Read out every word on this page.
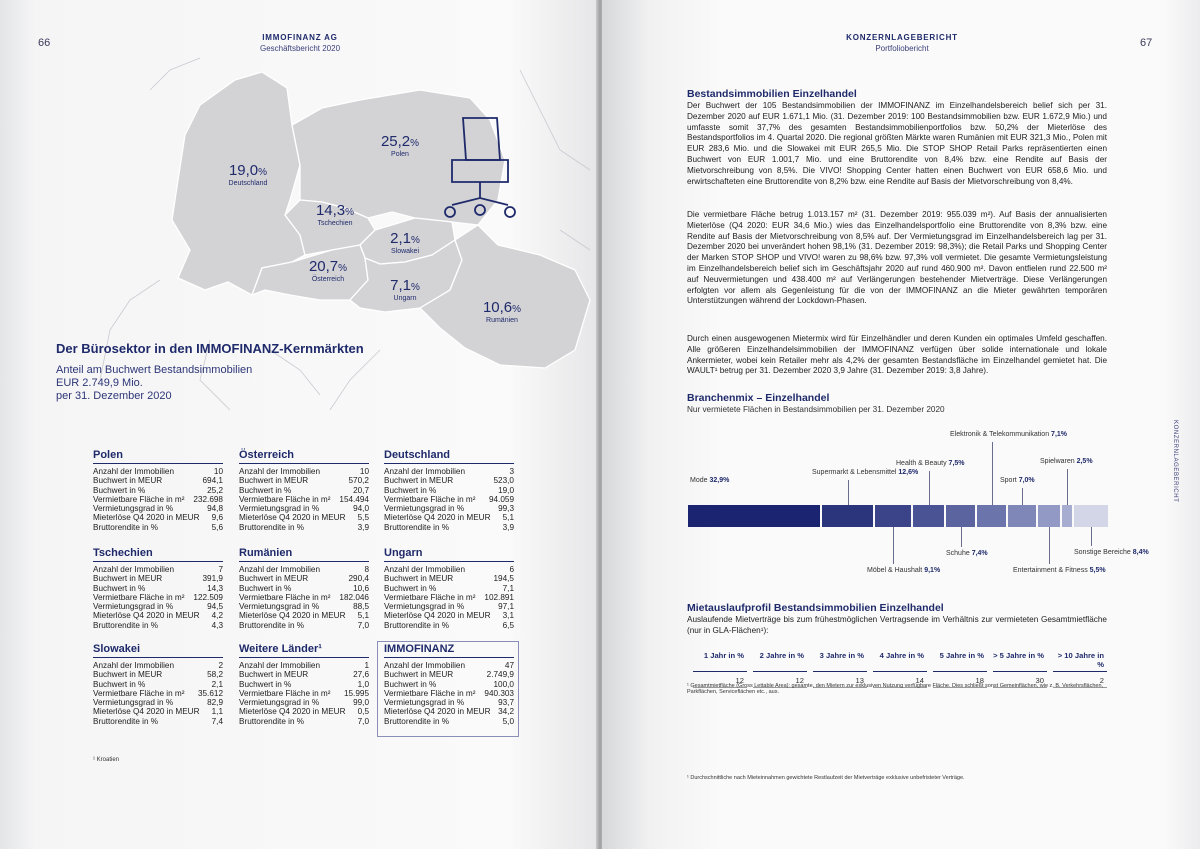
66	IMMOFINANZ AG
Geschäftsbericht 2020
25,2%
Polen
19,0%
Deutschland
14,3%
Tschechien
2,1%
Slowakei
20,7%
Österreich	7,1%
Ungarn
10,6%
Rumänien
Der Bürosektor in den IMMOFINANZ-Kernmärkten
Anteil am Buchwert Bestandsimmobilien
EUR 2.749,9 Mio.
per 31. Dezember 2020
Polen
Anzahl der Immobilien	10
Buchwert in MEUR	694,1
Buchwert in %	25,2
Vermietbare Fläche in m² 232.698
Vermietungsgrad in %	94,8
Mieterlöse Q4 2020 in MEUR 9,6
Bruttorendite in %	5,6
Österreich
Anzahl der Immobilien	10
Buchwert in MEUR	570,2
Buchwert in %	20,7
Vermietbare Fläche in m² 154.494
Vermietungsgrad in %	94,0
Mieterlöse Q4 2020 in MEUR 5,5
Bruttorendite in %	3,9
Deutschland
Anzahl der Immobilien	3
Buchwert in MEUR	523,0
Buchwert in %	19,0
Vermietbare Fläche in m² 94.059
Vermietungsgrad in %	99,3
Mieterlöse Q4 2020 in MEUR 5,1
Bruttorendite in %	3,9
Tschechien
Anzahl der Immobilien	7
Buchwert in MEUR	391,9
Buchwert in %	14,3
Vermietbare Fläche in m² 122.509
Vermietungsgrad in %	94,5
Mieterlöse Q4 2020 in MEUR 4,2
Bruttorendite in %	4,3
Rumänien
Anzahl der Immobilien	8
Buchwert in MEUR	290,4
Buchwert in %	10,6
Vermietbare Fläche in m² 182.046
Vermietungsgrad in %	88,5
Mieterlöse Q4 2020 in MEUR 5,1
Bruttorendite in %	7,0
Ungarn
Anzahl der Immobilien	6
Buchwert in MEUR	194,5
Buchwert in %	7,1
Vermietbare Fläche in m² 102.891
Vermietungsgrad in %	97,1
Mieterlöse Q4 2020 in MEUR 3,1
Bruttorendite in %	6,5
Slowakei
Anzahl der Immobilien	2
Buchwert in MEUR	58,2
Buchwert in %	2,1
Vermietbare Fläche in m² 35.612
Vermietungsgrad in %	82,9
Mieterlöse Q4 2020 in MEUR 1,1
Bruttorendite in %	7,4
Weitere Länder¹
Anzahl der Immobilien	1
Buchwert in MEUR	27,6
Buchwert in %	1,0
Vermietbare Fläche in m² 15.995
Vermietungsgrad in %	99,0
Mieterlöse Q4 2020 in MEUR 0,5
Bruttorendite in %	7,0
IMMOFINANZ
Anzahl der Immobilien	47
Buchwert in MEUR	2.749,9
Buchwert in %	100,0
Vermietbare Fläche in m² 940.303
Vermietungsgrad in %	93,7
Mieterlöse Q4 2020 in MEUR 34,2
Bruttorendite in %	5,0
¹ Kroatien
KONZERNLAGEBERICHT
Portfoliobericht	67
KONZERNLAGEBERICHT
Bestandsimmobilien Einzelhandel
Der Buchwert der 105 Bestandsimmobilien der IMMOFINANZ im Einzelhandelsbereich belief sich per 31. Dezember 2020 auf EUR 1.671,1 Mio. (31. Dezember 2019: 100 Bestandsimmobilien bzw. EUR 1.672,9 Mio.) und umfasste somit 37,7% des gesamten Bestandsimmobilienportfolios bzw. 50,2% der Mieterlöse des Bestandsportfolios im 4. Quartal 2020. Die regional größten Märkte waren Rumänien mit EUR 321,3 Mio., Polen mit EUR 283,6 Mio. und die Slowakei mit EUR 265,5 Mio. Die STOP SHOP Retail Parks repräsentierten einen Buchwert von EUR 1.001,7 Mio. und eine Bruttorendite von 8,4% bzw. eine Rendite auf Basis der Mietvorschreibung von 8,5%. Die VIVO! Shopping Center hatten einen Buchwert von EUR 658,6 Mio. und erwirtschafteten eine Bruttorendite von 8,2% bzw. eine Rendite auf Basis der Mietvorschreibung von 8,4%.
Die vermietbare Fläche betrug 1.013.157 m² (31. Dezember 2019: 955.039 m²). Auf Basis der annualisierten Mieterlöse (Q4 2020: EUR 34,6 Mio.) wies das Einzelhandelsportfolio eine Bruttorendite von 8,3% bzw. eine Rendite auf Basis der Mietvorschreibung von 8,5% auf. Der Vermietungsgrad im Einzelhandelsbereich lag per 31. Dezember 2020 bei unverändert hohen 98,1% (31. Dezember 2019: 98,3%); die Retail Parks und Shopping Center der Marken STOP SHOP und VIVO! waren zu 98,6% bzw. 97,3% voll vermietet. Die gesamte Vermietungsleistung im Einzelhandelsbereich belief sich im Geschäftsjahr 2020 auf rund 460.900 m². Davon entfielen rund 22.500 m² auf Neuvermietungen und 438.400 m² auf Verlängerungen bestehender Mietverträge. Diese Verlängerungen erfolgten vor allem als Gegenleistung für die von der IMMOFINANZ an die Mieter gewährten temporären Unterstützungen während der Lockdown-Phasen.
Durch einen ausgewogenen Mietermix wird für Einzelhändler und deren Kunden ein optimales Umfeld geschaffen. Alle größeren Einzelhandelsimmobilien der IMMOFINANZ verfügen über solide internationale und lokale Ankermieter, wobei kein Retailer mehr als 4,2% der gesamten Bestandsfläche im Einzelhandel gemietet hat. Die WAULT¹ betrug per 31. Dezember 2020 3,9 Jahre (31. Dezember 2019: 3,8 Jahre).
Branchenmix – Einzelhandel
Nur vermietete Flächen in Bestandsimmobilien per 31. Dezember 2020
Mode 32,9%
Supermarkt & Lebensmittel 12,6%
Möbel & Haushalt 9,1%
Health & Beauty 7,5%
Schuhe 7,4%
Elektronik & Telekommunikation 7,1%
Sport 7,0%
Entertainment & Fitness 5,5%
Spielwaren 2,5%
Sonstige Bereiche 8,4%
Mietauslaufprofil Bestandsimmobilien Einzelhandel
Auslaufende Mietverträge bis zum frühestmöglichen Vertragsende im Verhältnis zur vermieteten Gesamtmietfläche (nur in GLA-Flächen¹):
1 Jahr in %	2 Jahre in %	3 Jahre in %	4 Jahre in %	5 Jahre in %	> 5 Jahre in %	> 10 Jahre in %
12	12	13	14	18	30	2
¹ Gesamtmietfläche (Gross Lettable Area): gesamte, den Mietern zur exklusiven Nutzung verfügbare Fläche. Dies schließt sonst Gemeinflächen, wie z. B. Verkehrsflächen, Parkflächen, Serviceflächen etc., aus.
¹ Durchschnittliche nach Mieteinnahmen gewichtete Restlaufzeit der Mietverträge exklusive unbefristeter Verträge.
